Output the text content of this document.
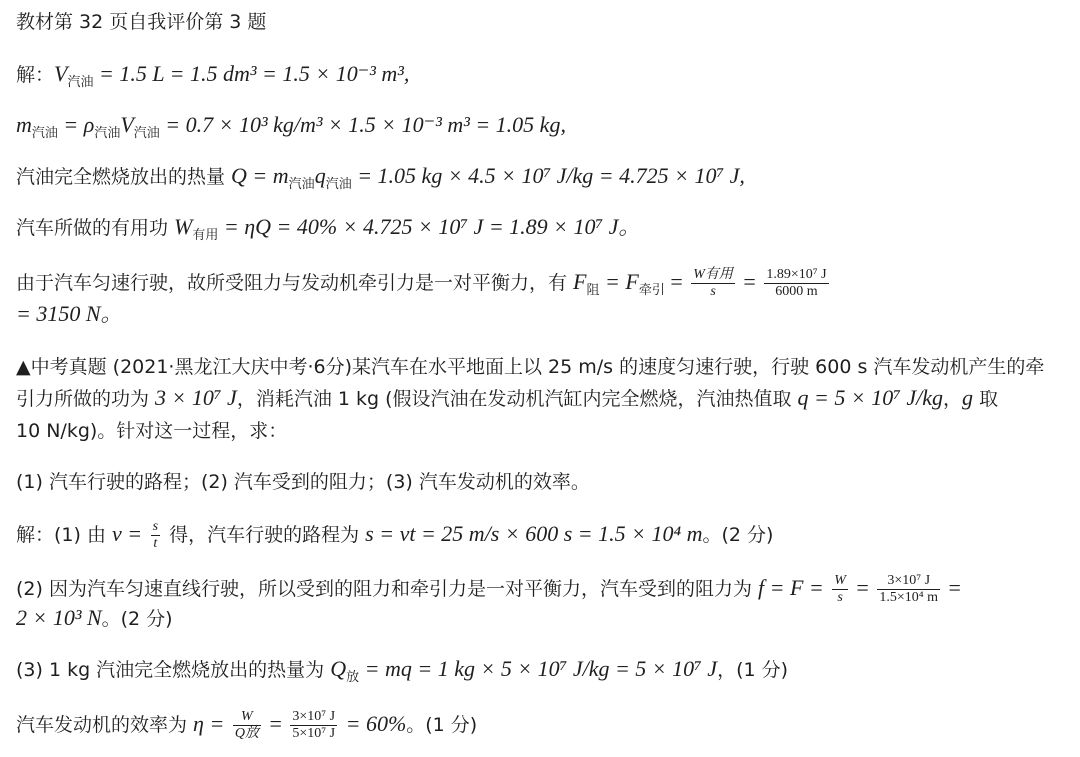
教材第 32 页自我评价第 3 题
解：$V_{汽油} = 1.5$ L = 1.5 dm³ = 1.5 × 10⁻³ m³,
$m_{汽油} = \rho_{汽油}V_{汽油} = 0.7 \times 10^3$ kg/m³ × 1.5 × 10⁻³ m³ = 1.05 kg,
汽油完全燃烧放出的热量 $Q = m_{汽油}q_{汽油} = 1.05$ kg × 4.5 × 10⁷ J/kg = 4.725 × 10⁷ J,
汽车所做的有用功 $W_{有用} = \eta Q = 40\% \times 4.725 \times 10^7$ J = 1.89 × 10⁷ J。
由于汽车匀速行驶，故所受阻力与发动机牵引力是一对平衡力，有 $F_阻 = F_{牵引} = \frac{\text{W有用}}{s} = \frac{\text{1.89×10⁷ J}}{6000 m}$
= 3150 N。
▲中考真题 (2021·黑龙江大庆中考·6分)某汽车在水平地面上以 25 m/s 的速度匀速行驶，行驶 600 s 汽车发动机产生的牵
引力所做的功为 3 × 10⁷ J，消耗汽油 1 kg (假设汽油在发动机汽缸内完全燃烧，汽油热值取 q = 5 × 10⁷ J/kg，g 取
10 N/kg)。针对这一过程，求：
(1) 汽车行驶的路程；(2) 汽车受到的阻力；(3) 汽车发动机的效率。
解：(1) 由 $v = \frac{s}{t}$ 得，汽车行驶的路程为 s = vt = 25 m/s × 600 s = 1.5 × 10⁴ m。(2 分)
(2) 因为汽车匀速直线行驶，所以受到的阻力和牵引力是一对平衡力，汽车受到的阻力为 $f = F = \frac{W}{s} = \frac{\text{3×10⁷ J}}{\text{1.5×10⁴ m}}$ =
2 × 10³ N。(2 分)
(3) 1 kg 汽油完全燃烧放出的热量为 $Q_放$ = mq = 1 kg × 5 × 10⁷ J/kg = 5 × 10⁷ J，(1 分)
汽车发动机的效率为 $\eta = \frac{W}{\text{Q放}} = \frac{\text{3×10⁷ J}}{\text{5×10⁷ J}} = 60\%$。(1 分)
